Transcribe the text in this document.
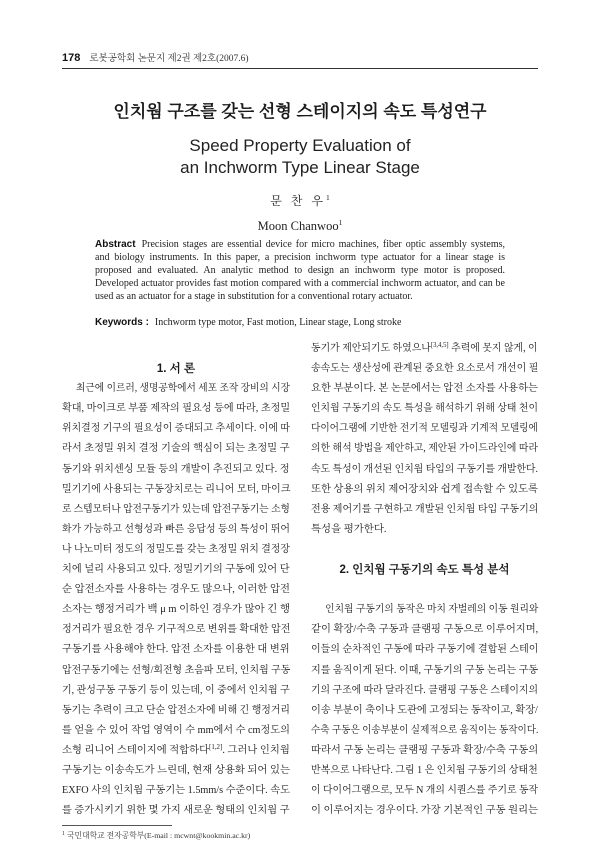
178 로봇공학회 논문지 제2권 제2호(2007.6)
인치웜 구조를 갖는 선형 스테이지의 속도 특성연구
Speed Property Evaluation of
an Inchworm Type Linear Stage
문 찬 우$^1$
Moon Chanwoo$^1$
Abstract Precision stages are essential device for micro machines, fiber optic assembly systems,
and biology instruments. In this paper, a precision inchworm type actuator for a linear stage is
proposed and evaluated. An analytic method to design an inchworm type motor is proposed.
Developed actuator provides fast motion compared with a commercial inchworm actuator, and can be
used as an actuator for a stage in substitution for a conventional rotary actuator.
Keywords : Inchworm type motor, Fast motion, Linear stage, Long stroke
1. 서 론
최근에 이르러, 생명공학에서 세포 조작 장비의 시장
확대, 마이크로 부품 제작의 필요성 등에 따라, 초정밀
위치결정 기구의 필요성이 증대되고 추세이다. 이에 따
라서 초정밀 위치 결정 기술의 핵심이 되는 초정밀 구
동기와 위치센싱 모듈 등의 개발이 추진되고 있다. 정
밀기기에 사용되는 구동장치로는 리니어 모터, 마이크
로 스텝모터나 압전구동기가 있는데 압전구동기는 소형
화가 가능하고 선형성과 빠른 응답성 등의 특성이 뛰어
나 나노미터 정도의 정밀도를 갖는 초정밀 위치 결정장
치에 널리 사용되고 있다. 정밀기기의 구동에 있어 단
순 압전소자를 사용하는 경우도 많으나, 이러한 압전
소자는 행정거리가 백 μ m 이하인 경우가 많아 긴 행
정거리가 필요한 경우 기구적으로 변위를 확대한 압전
구동기를 사용해야 한다. 압전 소자를 이용한 대 변위
압전구동기에는 선형/회전형 초음파 모터, 인치웜 구동
기, 관성구동 구동기 등이 있는데, 이 중에서 인치웜 구
동기는 추력이 크고 단순 압전소자에 비해 긴 행정거리
를 얻을 수 있어 작업 영역이 수 mm에서 수 cm정도의
소형 리니어 스테이지에 적합하다[1,2]. 그러나 인치웜
구동기는 이송속도가 느린데, 현재 상용화 되어 있는
EXFO 사의 인치웜 구동기는 1.5mm/s 수준이다. 속도
를 증가시키기 위한 몇 가지 새로운 형태의 인치웜 구
동기가 제안되기도 하였으나[3,4,5] 추력에 못지 않게, 이
송속도는 생산성에 관계된 중요한 요소로서 개선이 필
요한 부분이다. 본 논문에서는 압전 소자를 사용하는
인치웜 구동기의 속도 특성을 해석하기 위해 상태 천이
다이어그램에 기반한 전기적 모델링과 기계적 모델링에
의한 해석 방법을 제안하고, 제안된 가이드라인에 따라
속도 특성이 개선된 인치웜 타입의 구동기를 개발한다.
또한 상용의 위치 제어장치와 쉽게 접속할 수 있도록
전용 제어기를 구현하고 개발된 인치웜 타입 구동기의
특성을 평가한다.
2. 인치웜 구동기의 속도 특성 분석
인치웜 구동기의 동작은 마치 자벌레의 이동 원리와
같이 확장/수축 구동과 클램핑 구동으로 이루어지며,
이들의 순차적인 구동에 따라 구동기에 결합된 스테이
지를 움직이게 된다. 이때, 구동기의 구동 논리는 구동
기의 구조에 따라 달라진다. 클램핑 구동은 스테이지의
이송 부분이 축이나 도관에 고정되는 동작이고, 확장/
수축 구동은 이송부분이 실제적으로 움직이는 동작이다.
따라서 구동 논리는 클램핑 구동과 확장/수축 구동의
반복으로 나타난다. 그림 1 은 인치웜 구동기의 상태천
이 다이어그램으로, 모두 N 개의 시퀀스를 주기로 동작
이 이루어지는 경우이다. 가장 기본적인 구동 원리는
$^1$ 국민대학교 전자공학부(E-mail : mcwnt@kookmin.ac.kr)
